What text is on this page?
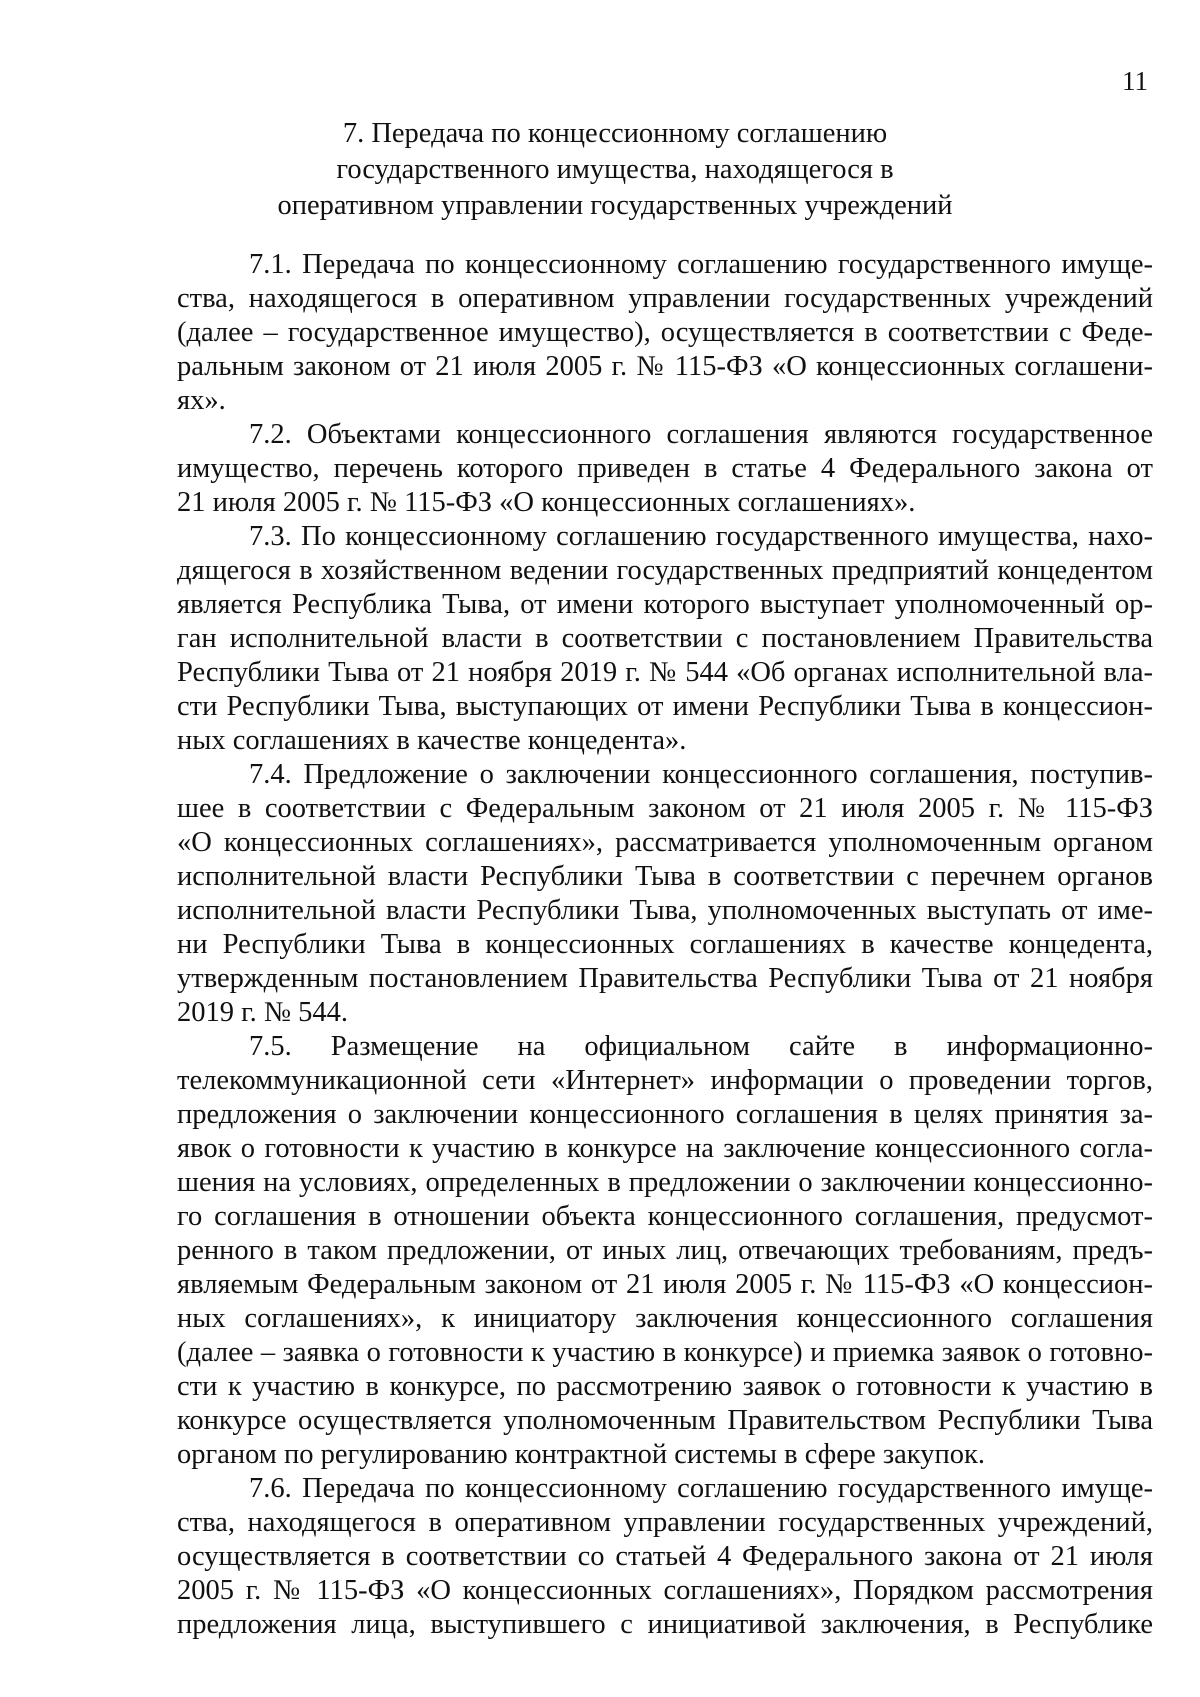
11
7. Передача по концессионному соглашению
государственного имущества, находящегося в
оперативном управлении государственных учреждений
7.1. Передача по концессионному соглашению государственного имуще-
ства, находящегося в оперативном управлении государственных учреждений
(далее – государственное имущество), осуществляется в соответствии с Феде-
ральным законом от 21 июля 2005 г. № 115-ФЗ «О концессионных соглашени-
ях».
7.2. Объектами концессионного соглашения являются государственное
имущество, перечень которого приведен в статье 4 Федерального закона от
21 июля 2005 г. № 115-ФЗ «О концессионных соглашениях».
7.3. По концессионному соглашению государственного имущества, нахо-
дящегося в хозяйственном ведении государственных предприятий концедентом
является Республика Тыва, от имени которого выступает уполномоченный ор-
ган исполнительной власти в соответствии с постановлением Правительства
Республики Тыва от 21 ноября 2019 г. № 544 «Об органах исполнительной вла-
сти Республики Тыва, выступающих от имени Республики Тыва в концессион-
ных соглашениях в качестве концедента».
7.4. Предложение о заключении концессионного соглашения, поступив-
шее в соответствии с Федеральным законом от 21 июля 2005 г. № 115-ФЗ
«О концессионных соглашениях», рассматривается уполномоченным органом
исполнительной власти Республики Тыва в соответствии с перечнем органов
исполнительной власти Республики Тыва, уполномоченных выступать от име-
ни Республики Тыва в концессионных соглашениях в качестве концедента,
утвержденным постановлением Правительства Республики Тыва от 21 ноября
2019 г. № 544.
7.5. Размещение на официальном сайте в информационно-
телекоммуникационной сети «Интернет» информации о проведении торгов,
предложения о заключении концессионного соглашения в целях принятия за-
явок о готовности к участию в конкурсе на заключение концессионного согла-
шения на условиях, определенных в предложении о заключении концессионно-
го соглашения в отношении объекта концессионного соглашения, предусмот-
ренного в таком предложении, от иных лиц, отвечающих требованиям, предъ-
являемым Федеральным законом от 21 июля 2005 г. № 115-ФЗ «О концессион-
ных соглашениях», к инициатору заключения концессионного соглашения
(далее – заявка о готовности к участию в конкурсе) и приемка заявок о готовно-
сти к участию в конкурсе, по рассмотрению заявок о готовности к участию в
конкурсе осуществляется уполномоченным Правительством Республики Тыва
органом по регулированию контрактной системы в сфере закупок.
7.6. Передача по концессионному соглашению государственного имуще-
ства, находящегося в оперативном управлении государственных учреждений,
осуществляется в соответствии со статьей 4 Федерального закона от 21 июля
2005 г. № 115-ФЗ «О концессионных соглашениях», Порядком рассмотрения
предложения лица, выступившего с инициативой заключения, в Республике
